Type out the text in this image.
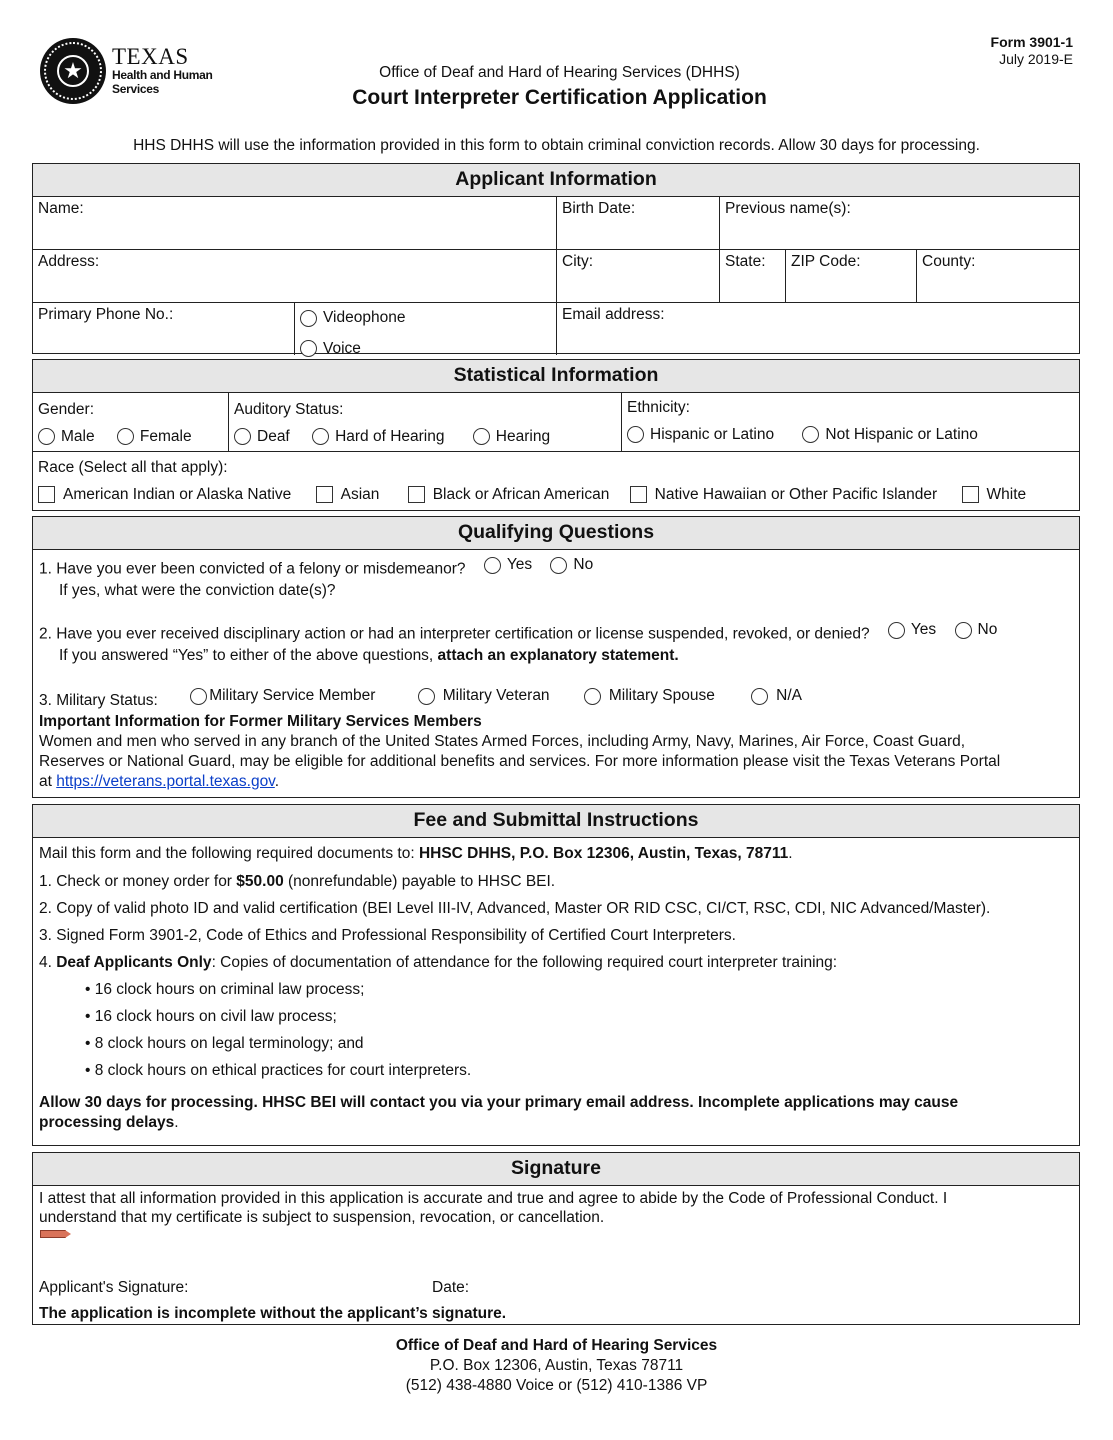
★
TEXAS
Health and Human
Services
Office of Deaf and Hard of Hearing Services (DHHS)
Court Interpreter Certification Application
Form 3901-1
July 2019-E
HHS DHHS will use the information provided in this form to obtain criminal conviction records. Allow 30 days for processing.
Applicant Information
Name:	Birth Date:	Previous name(s):
Address:	City:	State:	ZIP Code:	County:
Primary Phone No.:	Videophone

Voice
Email address:
Statistical Information
Gender:
Male
	Female
Auditory Status:
Deaf
	Hard of Hearing
	Hearing
Ethnicity:
Hispanic or Latino
	Not Hispanic or Latino
Race (Select all that apply):
American Indian or Alaska Native
	Asian
	Black or African American
	Native Hawaiian or Other Pacific Islander
	White
Qualifying Questions
1. Have you ever been convicted of a felony or misdemeanor?	Yes
	No
If yes, what were the conviction date(s)?
2. Have you ever received disciplinary action or had an interpreter certification or license suspended, revoked, or denied?	Yes
	No
If you answered “Yes” to either of the above questions, attach an explanatory statement.
3. Military Status:	Military Service Member
	Military Veteran
	Military Spouse
	N/A
Important Information for Former Military Services Members
Women and men who served in any branch of the United States Armed Forces, including Army, Navy, Marines, Air Force, Coast Guard,
Reserves or National Guard, may be eligible for additional benefits and services. For more information please visit the Texas Veterans Portal
at https://veterans.portal.texas.gov.
Fee and Submittal Instructions
Mail this form and the following required documents to: HHSC DHHS, P.O. Box 12306, Austin, Texas, 78711.
1. Check or money order for $50.00 (nonrefundable) payable to HHSC BEI.
2. Copy of valid photo ID and valid certification (BEI Level III-IV, Advanced, Master OR RID CSC, CI/CT, RSC, CDI, NIC Advanced/Master).
3. Signed Form 3901-2, Code of Ethics and Professional Responsibility of Certified Court Interpreters.
4. Deaf Applicants Only: Copies of documentation of attendance for the following required court interpreter training:
• 16 clock hours on criminal law process;
• 16 clock hours on civil law process;
• 8 clock hours on legal terminology; and
• 8 clock hours on ethical practices for court interpreters.
Allow 30 days for processing. HHSC BEI will contact you via your primary email address. Incomplete applications may cause
processing delays.
Signature
I attest that all information provided in this application is accurate and true and agree to abide by the Code of Professional Conduct. I
understand that my certificate is subject to suspension, revocation, or cancellation.
Applicant's Signature:	Date:
The application is incomplete without the applicant’s signature.
Office of Deaf and Hard of Hearing Services
P.O. Box 12306, Austin, Texas 78711
(512) 438-4880 Voice or (512) 410-1386 VP
